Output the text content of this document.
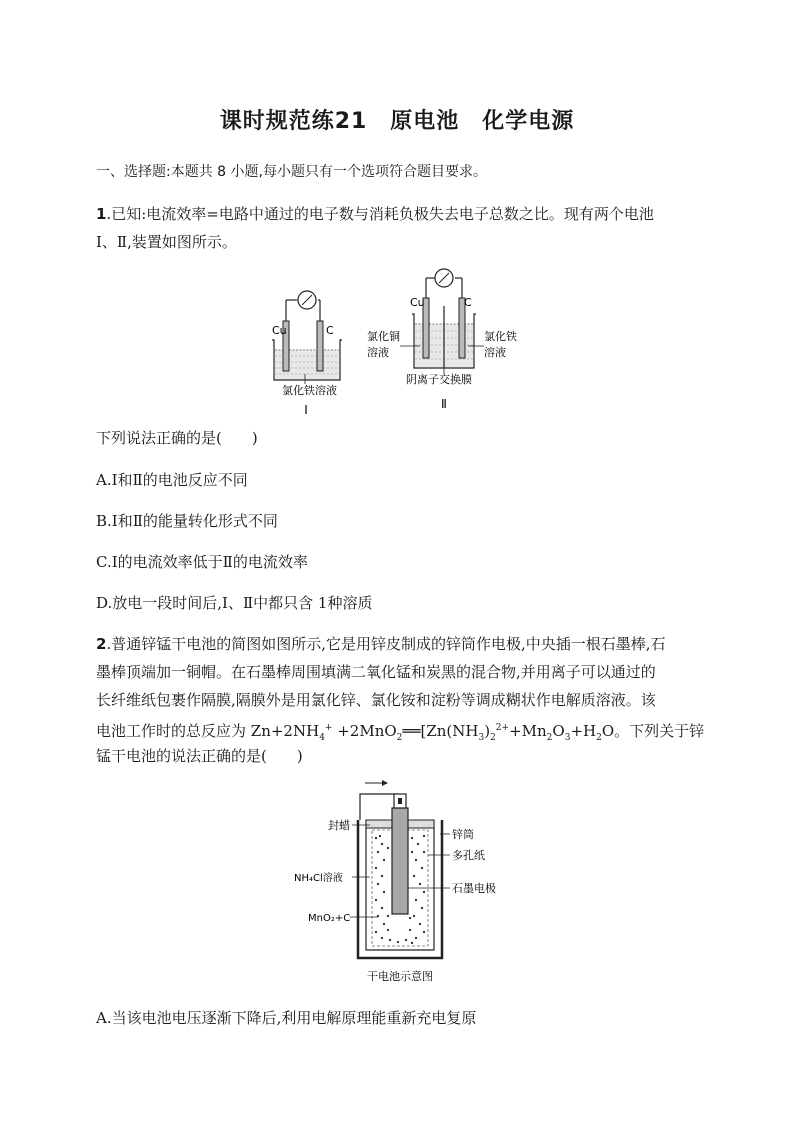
课时规范练21　原电池　化学电源
一、选择题:本题共 8 小题,每小题只有一个选项符合题目要求。
1.已知:电流效率=电路中通过的电子数与消耗负极失去电子总数之比。现有两个电池
Ⅰ、Ⅱ,装置如图所示。
Cu	C
氯化铁溶液
Ⅰ
Cu	C
氯化铜
溶液
氯化铁
溶液
阴离子交换膜
Ⅱ
下列说法正确的是(　　)
A.Ⅰ和Ⅱ的电池反应不同
B.Ⅰ和Ⅱ的能量转化形式不同
C.Ⅰ的电流效率低于Ⅱ的电流效率
D.放电一段时间后,Ⅰ、Ⅱ中都只含 1种溶质
2.普通锌锰干电池的简图如图所示,它是用锌皮制成的锌筒作电极,中央插一根石墨棒,石
墨棒顶端加一铜帽。在石墨棒周围填满二氧化锰和炭黑的混合物,并用离子可以通过的
长纤维纸包裹作隔膜,隔膜外是用氯化锌、氯化铵和淀粉等调成糊状作电解质溶液。该
电池工作时的总反应为 $Zn+2NH_4^+$ $+2MnO_2══[Zn(NH_3)_2^{2+}+Mn_2O_3+H_2O$。下列关于锌
锰干电池的说法正确的是(　　)
封蜡
锌筒
多孔纸
NH₄Cl溶液
石墨电极
MnO₂+C
干电池示意图
A.当该电池电压逐渐下降后,利用电解原理能重新充电复原
